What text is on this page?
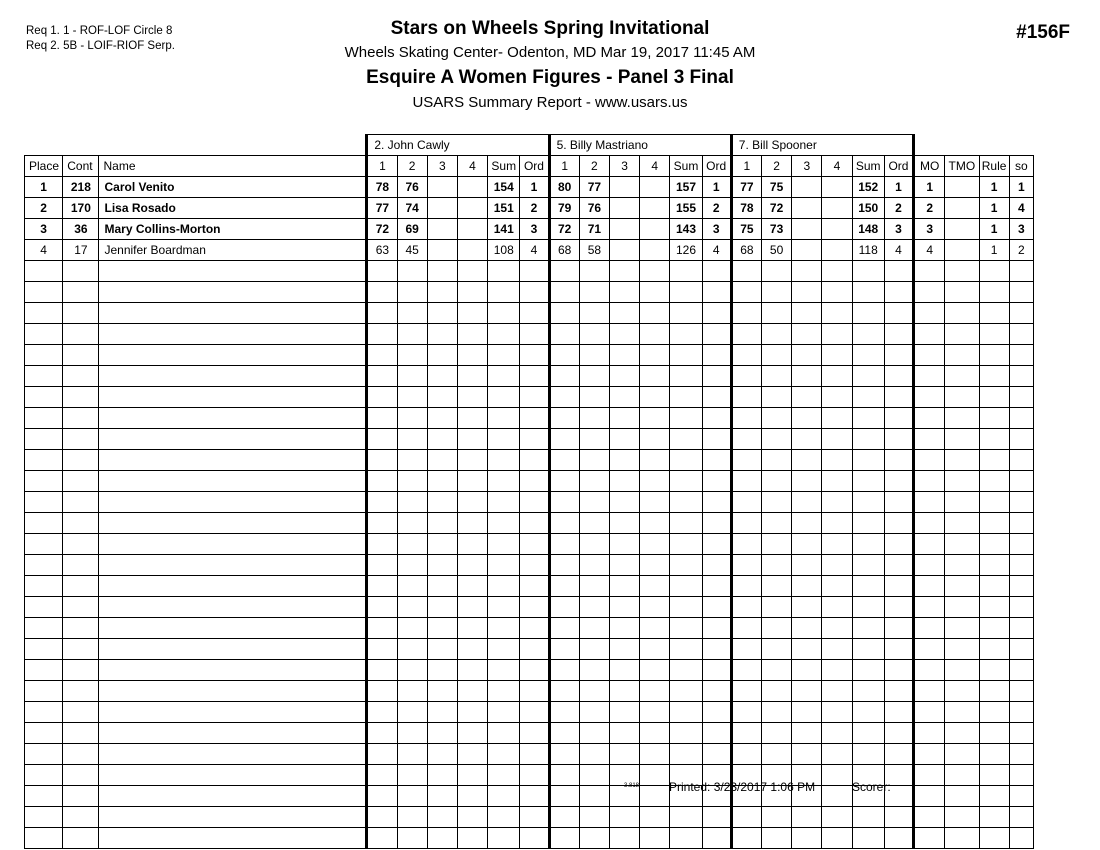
Req 1. 1 - ROF-LOF Circle 8
Req 2. 5B - LOIF-RIOF Serp.
Stars on Wheels Spring Invitational
Wheels Skating Center- Odenton, MD Mar 19, 2017 11:45 AM
Esquire A Women Figures - Panel 3 Final
USARS Summary Report - www.usars.us
#156F
			2. John Cawly						5. Billy Mastriano						7. Bill Spooner									
Place	Cont	Name	1	2	3	4	Sum	Ord	1	2	3	4	Sum	Ord	1	2	3	4	Sum	Ord	MO	TMO	Rule	so
1	218	Carol Venito	78	76			154	1	80	77			157	1	77	75			152	1	1		1	1
2	170	Lisa Rosado	77	74			151	2	79	76			155	2	78	72			150	2	2		1	4
3	36	Mary Collins-Morton	72	69			141	3	72	71			143	3	75	73			148	3	3		1	3
4	17	Jennifer Boardman	63	45			108	4	68	58			126	4	68	50			118	4	4		1	2

3.818 Printed: 3/23/2017 1:06 PM	Scorer:
